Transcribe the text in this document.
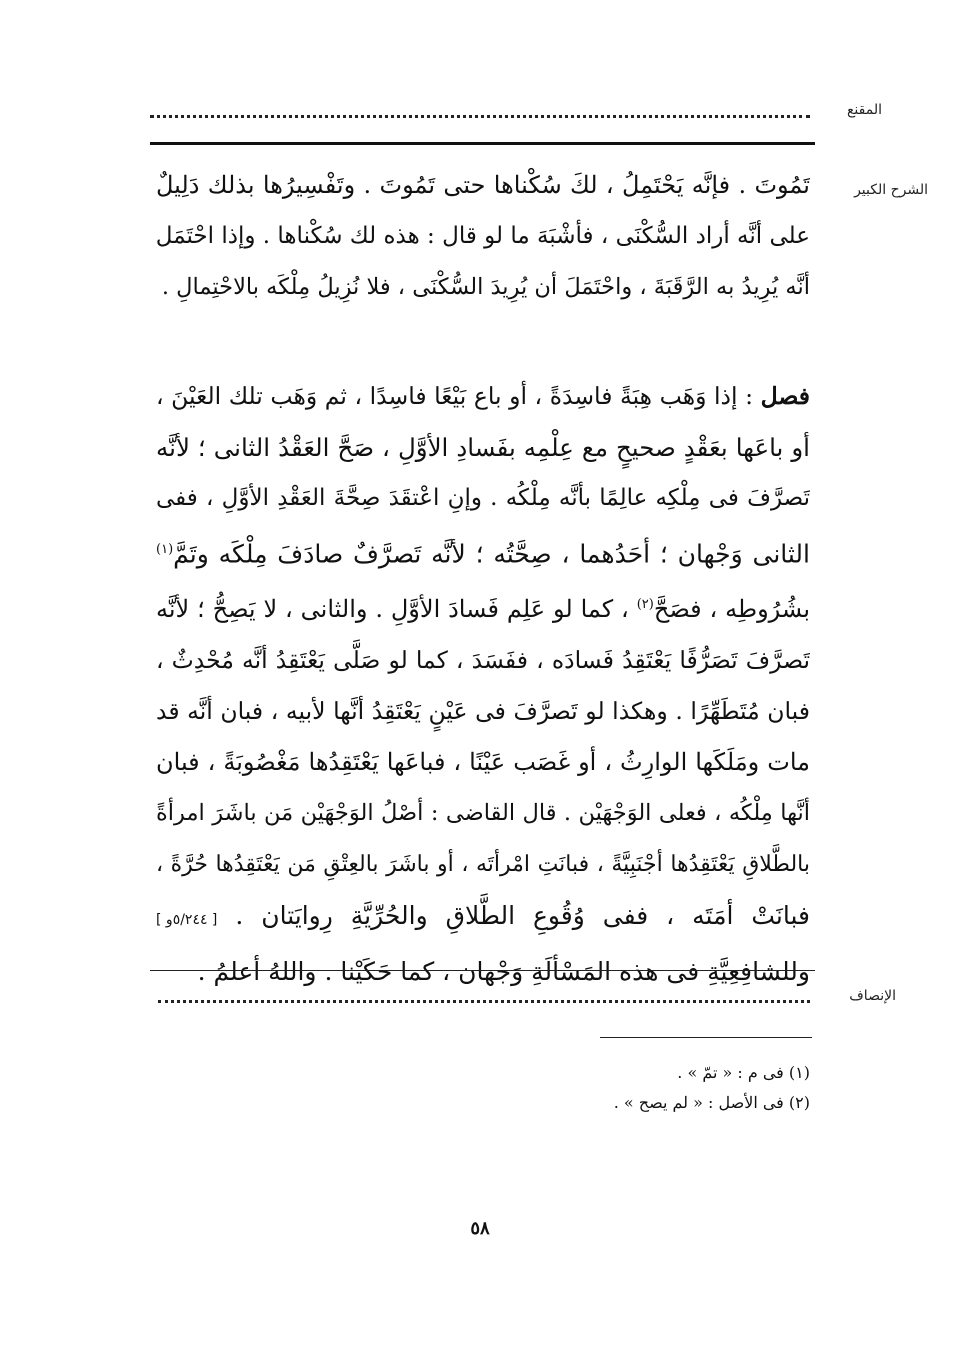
المقنع
الشرح الكبير
تَمُوتَ . فإنَّه يَحْتَمِلُ ، لكَ سُكْناها حتى تَمُوتَ . وتَفْسِيرُها بذلك دَلِيلٌ
على أنَّه أراد السُّكْنَى ، فأشْبَهَ ما لو قال : هذه لك سُكْناها . وإذا احْتَمَل
أنَّه يُرِيدُ به الرَّقَبَةَ ، واحْتَمَلَ أن يُرِيدَ السُّكْنَى ، فلا نُزِيلُ مِلْكَه بالاحْتِمالِ .
فصل : إذا وَهَب هِبَةً فاسِدَةً ، أو باع بَيْعًا فاسِدًا ، ثم وَهَب تلك العَيْنَ ،
أو باعَها بعَقْدٍ صحيحٍ مع عِلْمِه بفَسادِ الأوَّلِ ، صَحَّ العَقْدُ الثانى ؛ لأنَّه
تَصرَّفَ فى مِلْكِه عالِمًا بأنَّه مِلْكُه . وإنِ اعْتقَدَ صِحَّةَ العَقْدِ الأوَّلِ ، ففى
الثانى وَجْهان ؛ أحَدُهما ، صِحَّتُه ؛ لأنَّه تَصرَّفٌ صادَفَ مِلْكَه وتَمَّ$^{(١)}$
بشُرُوطِه ، فصَحَّ$^{(٢)}$ ، كما لو عَلِم فَسادَ الأوَّلِ . والثانى ، لا يَصِحُّ ؛ لأنَّه
تَصرَّفَ تَصَرُّفًا يَعْتَقِدُ فَسادَه ، ففَسَدَ ، كما لو صَلَّى يَعْتَقِدُ أنَّه مُحْدِثٌ ،
فبان مُتَطَهِّرًا . وهكذا لو تَصرَّفَ فى عَيْنٍ يَعْتَقِدُ أنَّها لأبيه ، فبان أنَّه قد
مات ومَلَكَها الوارِثُ ، أو غَصَب عَيْنًا ، فباعَها يَعْتَقِدُها مَغْصُوبَةً ، فبان
أنَّها مِلْكُه ، فعلى الوَجْهَيْن . قال القاضى : أصْلُ الوَجْهَيْن مَن باشَرَ امرأةً
بالطَّلاقِ يَعْتَقِدُها أجْنَبِيَّةً ، فبانَتِ امْرأتَه ، أو باشَرَ بالعِتْقِ مَن يَعْتَقِدُها حُرَّةً ،
فبانَتْ أمَتَه ، ففى وُقُوعِ الطَّلاقِ والحُرِّيَّةِ رِوايَتان . [ ٥/٢٤٤و ]
وللشافِعِيَّةِ فى هذه المَسْألَةِ وَجْهان ، كما حَكَيْنا . واللهُ أعلمُ .
الإنصاف
(١) فى م : « تمّ » .
(٢) فى الأصل : « لم يصح » .
٥٨
